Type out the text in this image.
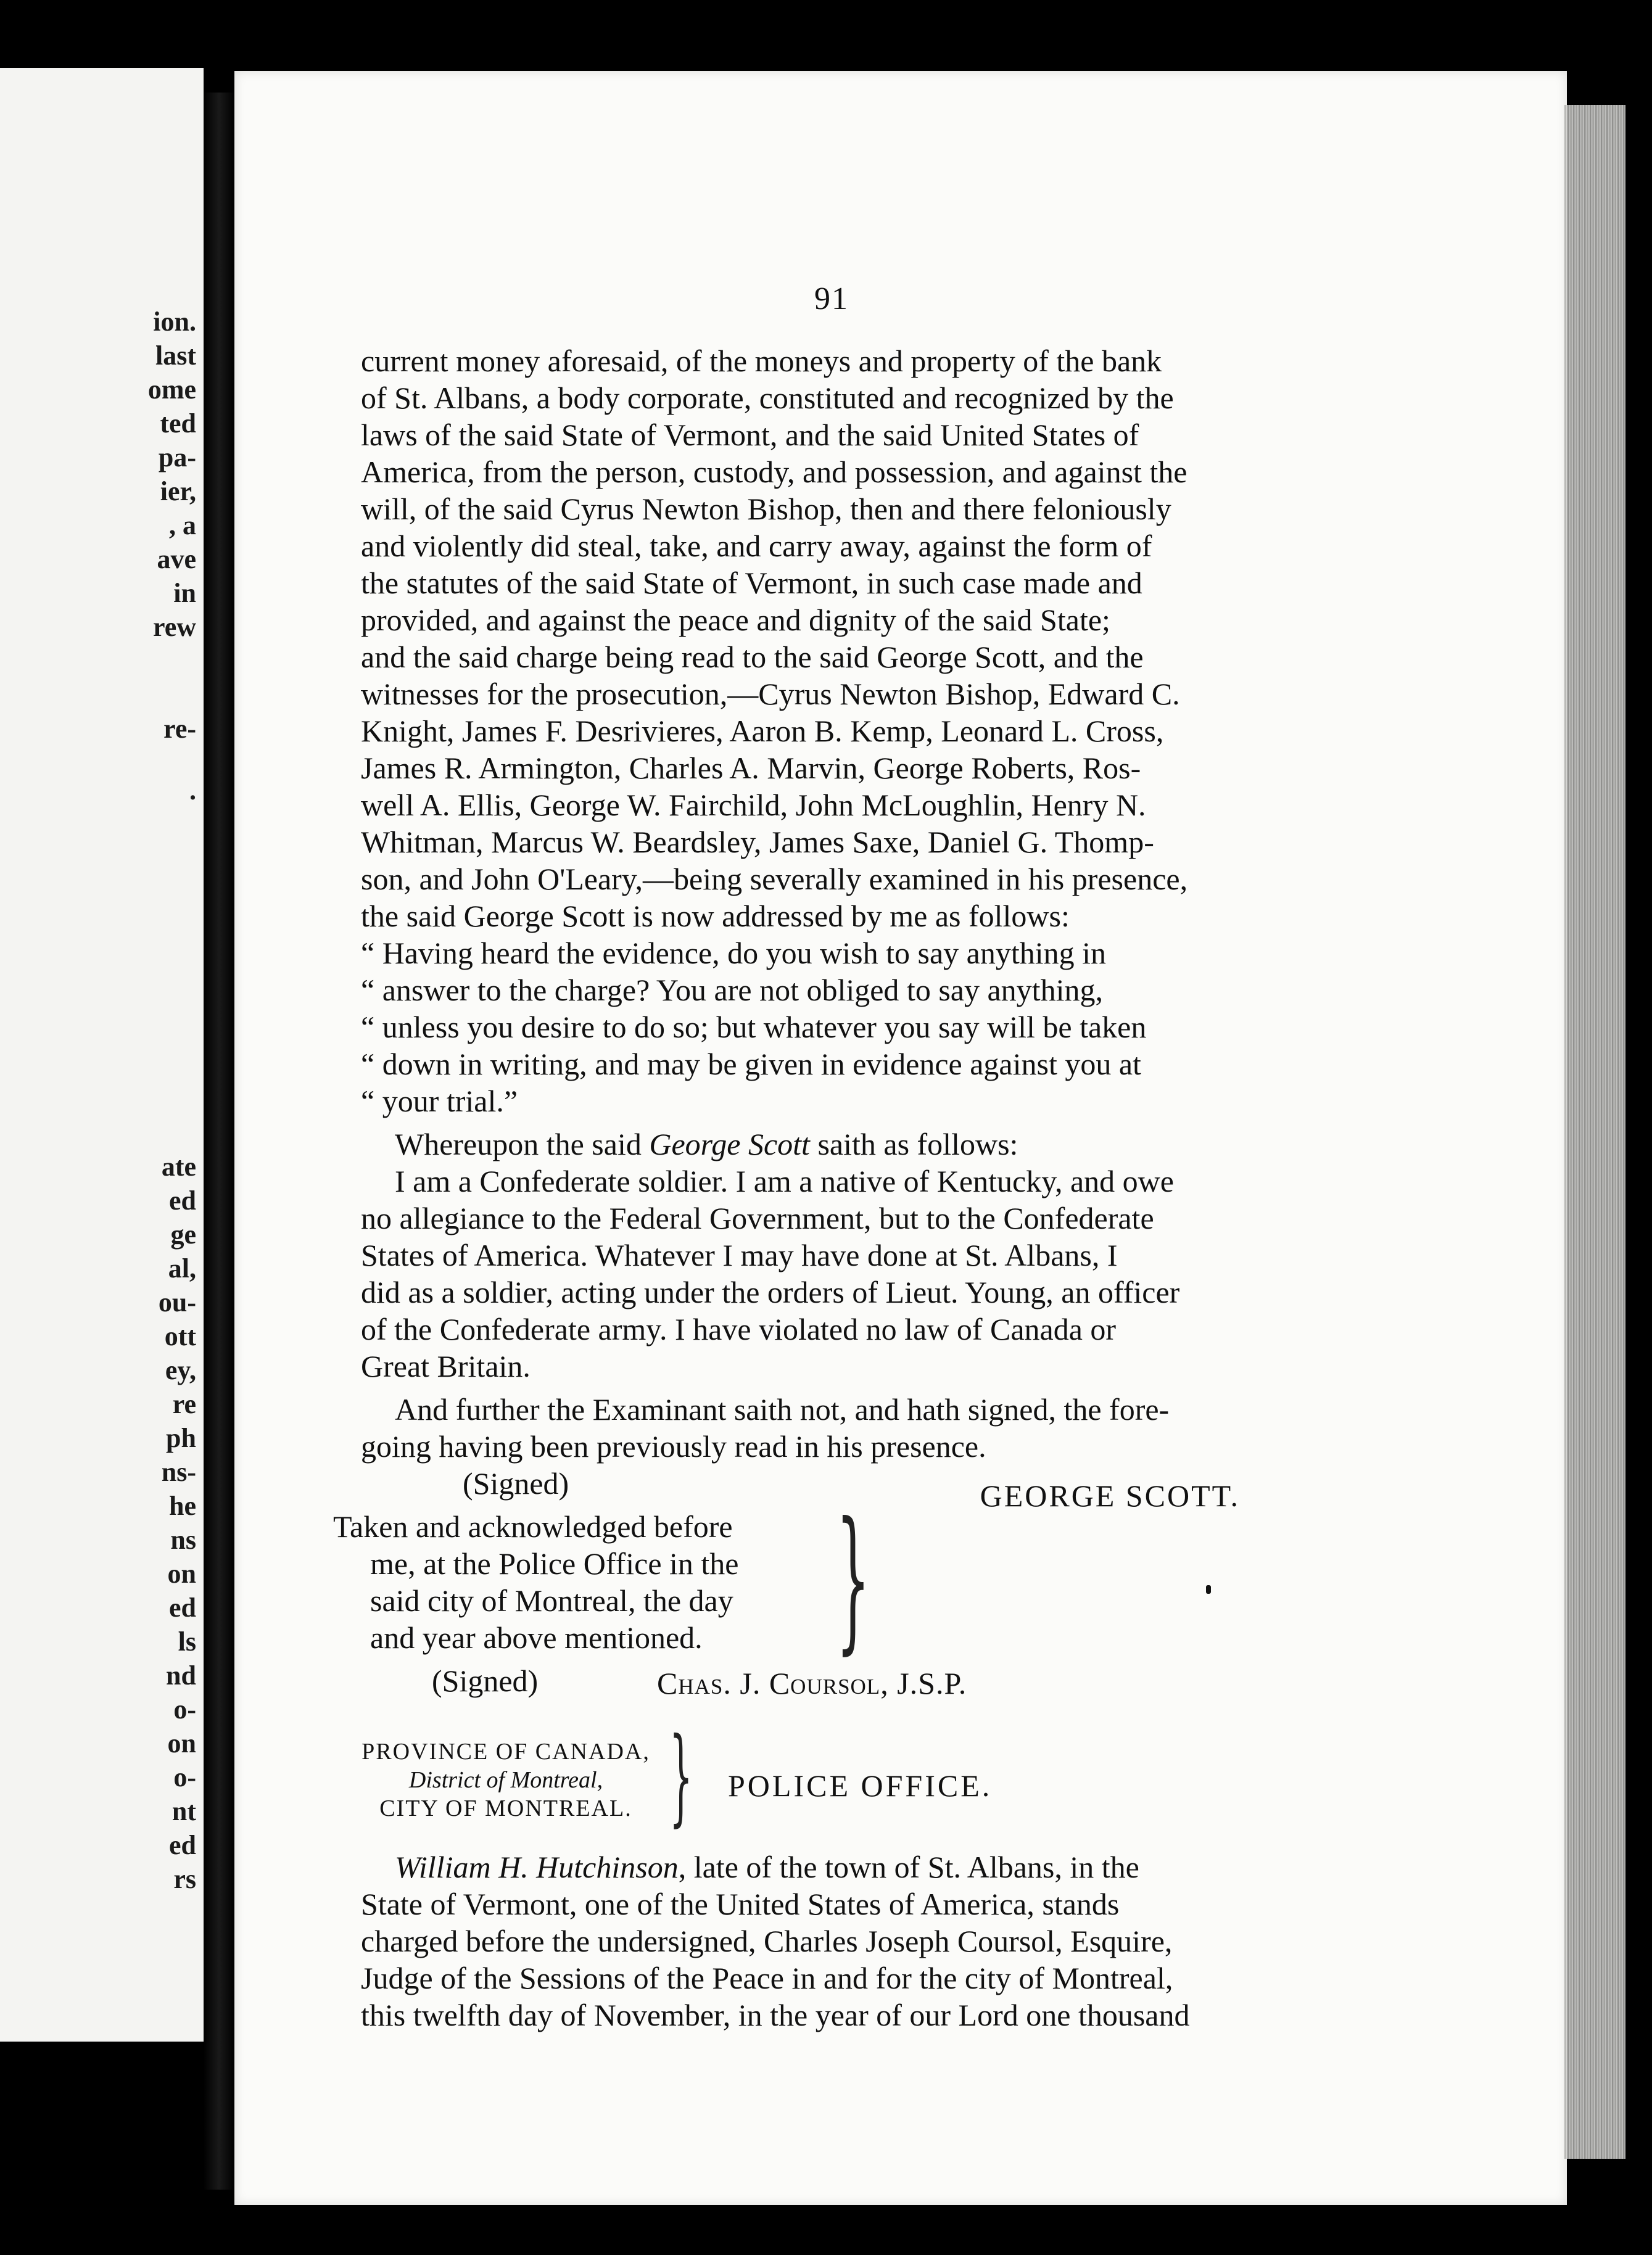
ion.
last
ome
ted
pa-
ier,
, a
ave
in
rew
re-
.
ate
ed
ge
al,
ou-
ott
ey,
re
ph
ns-
he
ns
on
ed
ls
nd
o-
on
o-
nt
ed
rs
91

current money aforesaid, of the moneys and property of the bank

of St. Albans, a body corporate, constituted and recognized by the

laws of the said State of Vermont, and the said United States of

America, from the person, custody, and possession, and against the

will, of the said Cyrus Newton Bishop, then and there feloniously

and violently did steal, take, and carry away, against the form of

the statutes of the said State of Vermont, in such case made and

provided, and against the peace and dignity of the said State;

and the said charge being read to the said George Scott, and the

witnesses for the prosecution,—Cyrus Newton Bishop, Edward C.

Knight, James F. Desrivieres, Aaron B. Kemp, Leonard L. Cross,

James R. Armington, Charles A. Marvin, George Roberts, Ros-

well A. Ellis, George W. Fairchild, John McLoughlin, Henry N.

Whitman, Marcus W. Beardsley, James Saxe, Daniel G. Thomp-

son, and John O'Leary,—being severally examined in his presence,

the said George Scott is now addressed by me as follows:

“ Having heard the evidence, do you wish to say anything in

“ answer to the charge? You are not obliged to say anything,

“ unless you desire to do so; but whatever you say will be taken

“ down in writing, and may be given in evidence against you at

“ your trial.”

Whereupon the said George Scott saith as follows:

I am a Confederate soldier. I am a native of Kentucky, and owe

no allegiance to the Federal Government, but to the Confederate

States of America. Whatever I may have done at St. Albans, I

did as a soldier, acting under the orders of Lieut. Young, an officer

of the Confederate army. I have violated no law of Canada or

Great Britain.

And further the Examinant saith not, and hath signed, the fore-

going having been previously read in his presence.

(Signed)	GEORGE SCOTT.
Taken and acknowledged before
me, at the Police Office in the
said city of Montreal, the day
and year above mentioned. }
(Signed)	Chas. J. Coursol, J.S.P.
PROVINCE OF CANADA,
District of Montreal,
CITY OF MONTREAL. } POLICE OFFICE.

William H. Hutchinson, late of the town of St. Albans, in the

State of Vermont, one of the United States of America, stands

charged before the undersigned, Charles Joseph Coursol, Esquire,

Judge of the Sessions of the Peace in and for the city of Montreal,

this twelfth day of November, in the year of our Lord one thousand
